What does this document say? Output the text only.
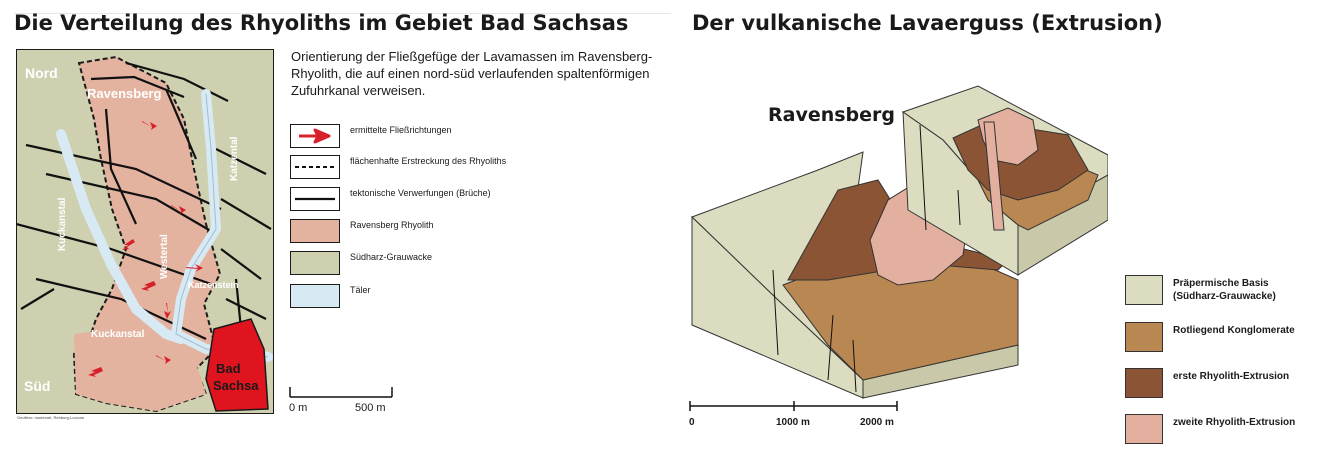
Die Verteilung des Rhyoliths im Gebiet Bad Sachsas
Nord
Süd
Ravensberg
Katzental
Kuckanstal
Westertal
Katzenstein
Kuckanstal
Bad
Sachsa
Geoflero: mueecart, Rehburg-Loccum
Orientierung der Fließgefüge der Lavamassen im Ravensberg-Rhyolith, die auf einen nord-süd verlaufenden spaltenförmigen Zufuhrkanal verweisen.
ermittelte Fließrichtungen
flächenhafte Erstreckung des Rhyoliths
tektonische Verwerfungen (Brüche)
Ravensberg Rhyolith
Südharz-Grauwacke
Täler
0 m	500 m
Der vulkanische Lavaerguss (Extrusion)
Ravensberg
0	1000 m	2000 m
Präpermische Basis
(Südharz-Grauwacke)
Rotliegend Konglomerate
erste Rhyolith-Extrusion
zweite Rhyolith-Extrusion
